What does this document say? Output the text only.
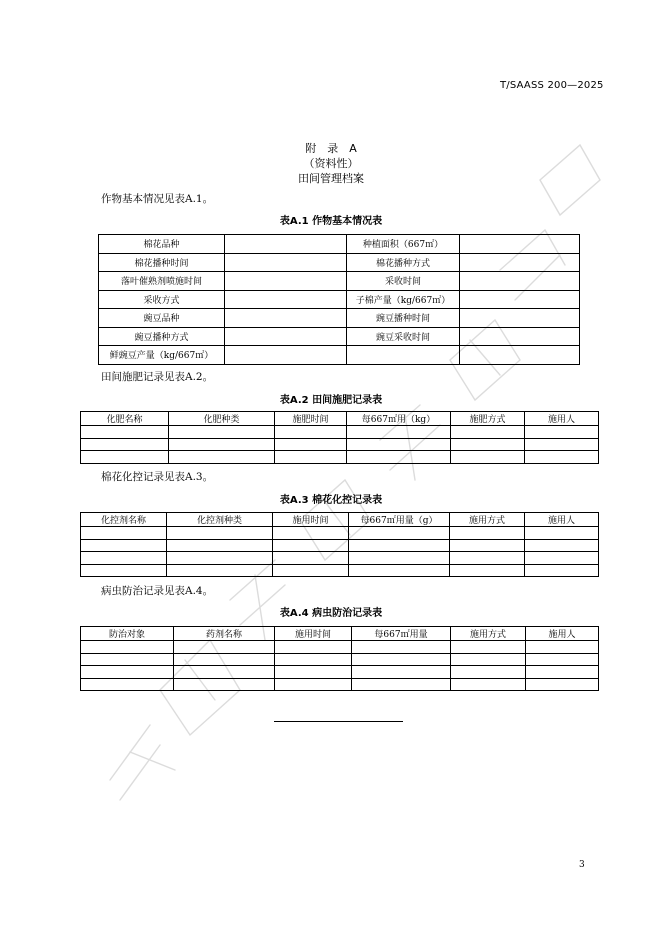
T/SAASS 200—2025
附　录　A
（资料性）
田间管理档案
作物基本情况见表A.1。
表A.1 作物基本情况表
棉花品种		种植面积（667㎡）	
棉花播种时间		棉花播种方式	
落叶催熟剂喷施时间		采收时间	
采收方式		子棉产量（kg/667㎡）	
豌豆品种		豌豆播种时间	
豌豆播种方式		豌豆采收时间	
鲜豌豆产量（kg/667㎡）			
田间施肥记录见表A.2。
表A.2 田间施肥记录表
化肥名称	化肥种类	施肥时间	每667㎡用（kg）	施肥方式	施用人

棉花化控记录见表A.3。
表A.3 棉花化控记录表
化控剂名称	化控剂种类	施用时间	每667㎡用量（g）	施用方式	施用人

病虫防治记录见表A.4。
表A.4 病虫防治记录表
防治对象	药剂名称	施用时间	每667㎡用量	施用方式	施用人

3
